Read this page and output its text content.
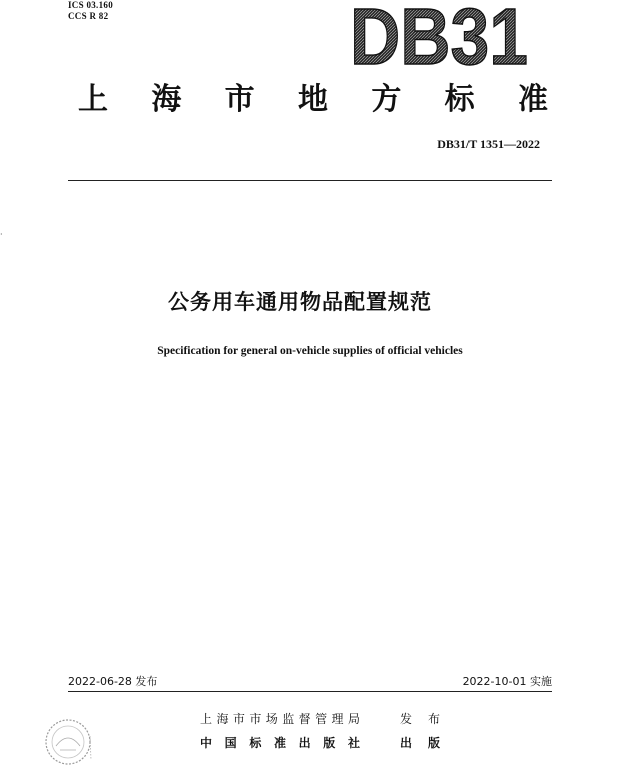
ICS 03.160
CCS R 82	DB31
上 海 市 地 方 标 准
DB31/T 1351—2022
·
公务用车通用物品配置规范
Specification for general on-vehicle supplies of official vehicles
2022-06-28 发布	2022-10-01 实施
上 海 市 市 场 监 督 管 理 局	发 布
中 国 标 准 出 版 社	出 版
